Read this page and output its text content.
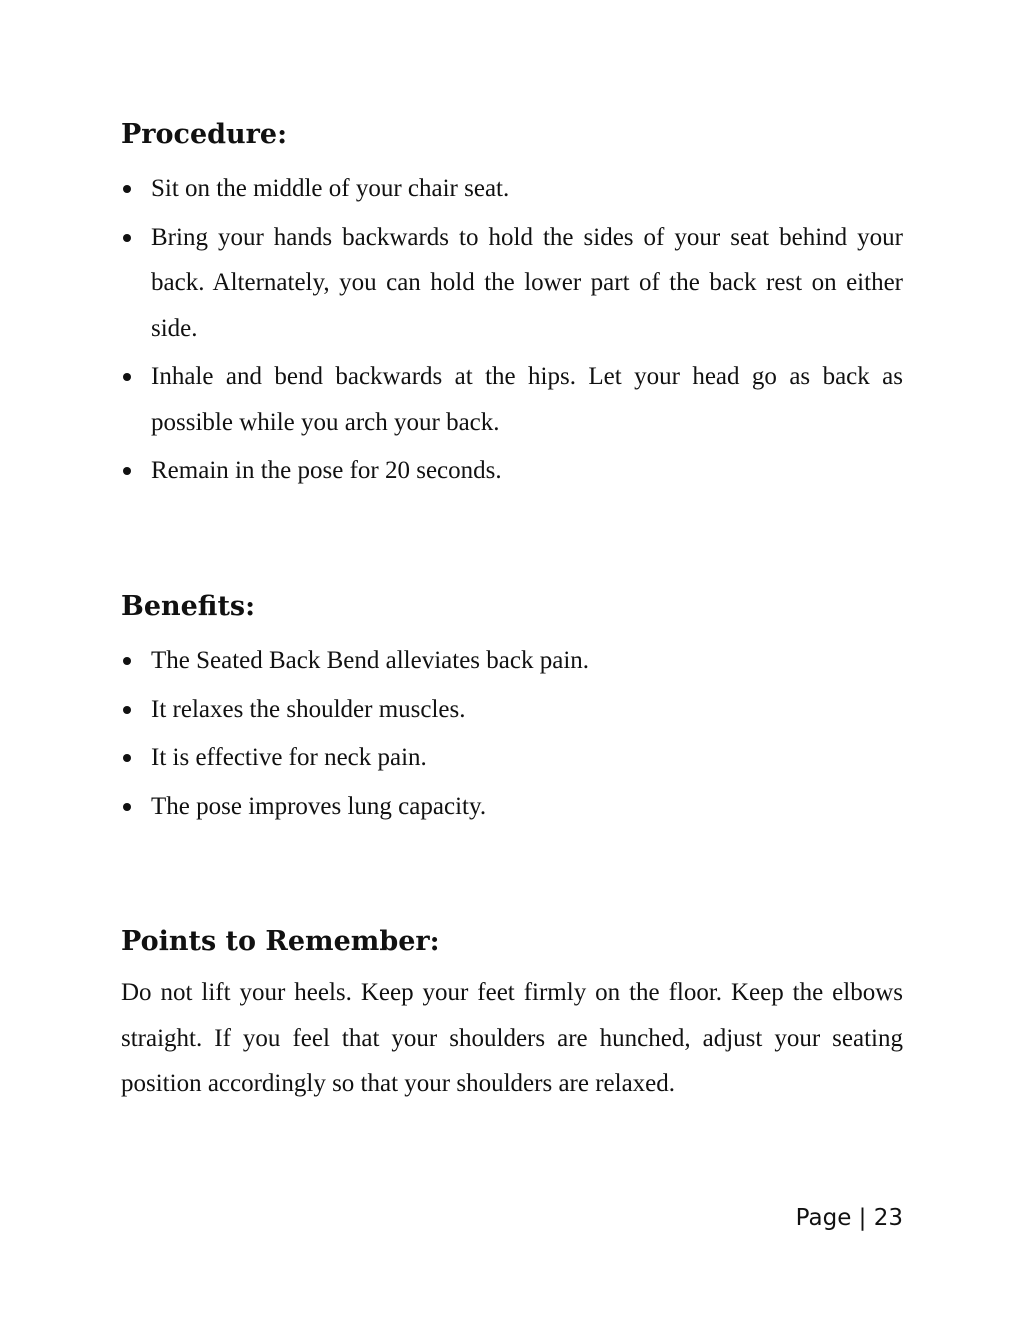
Procedure:
Sit on the middle of your chair seat.
Bring your hands backwards to hold the sides of your seat behind your back. Alternately, you can hold the lower part of the back rest on either side.
Inhale and bend backwards at the hips. Let your head go as back as possible while you arch your back.
Remain in the pose for 20 seconds.
Benefits:
The Seated Back Bend alleviates back pain.
It relaxes the shoulder muscles.
It is effective for neck pain.
The pose improves lung capacity.
Points to Remember:

Do not lift your heels. Keep your feet firmly on the floor. Keep the elbows straight. If you feel that your shoulders are hunched, adjust your seating position accordingly so that your shoulders are relaxed.

Page | 23
